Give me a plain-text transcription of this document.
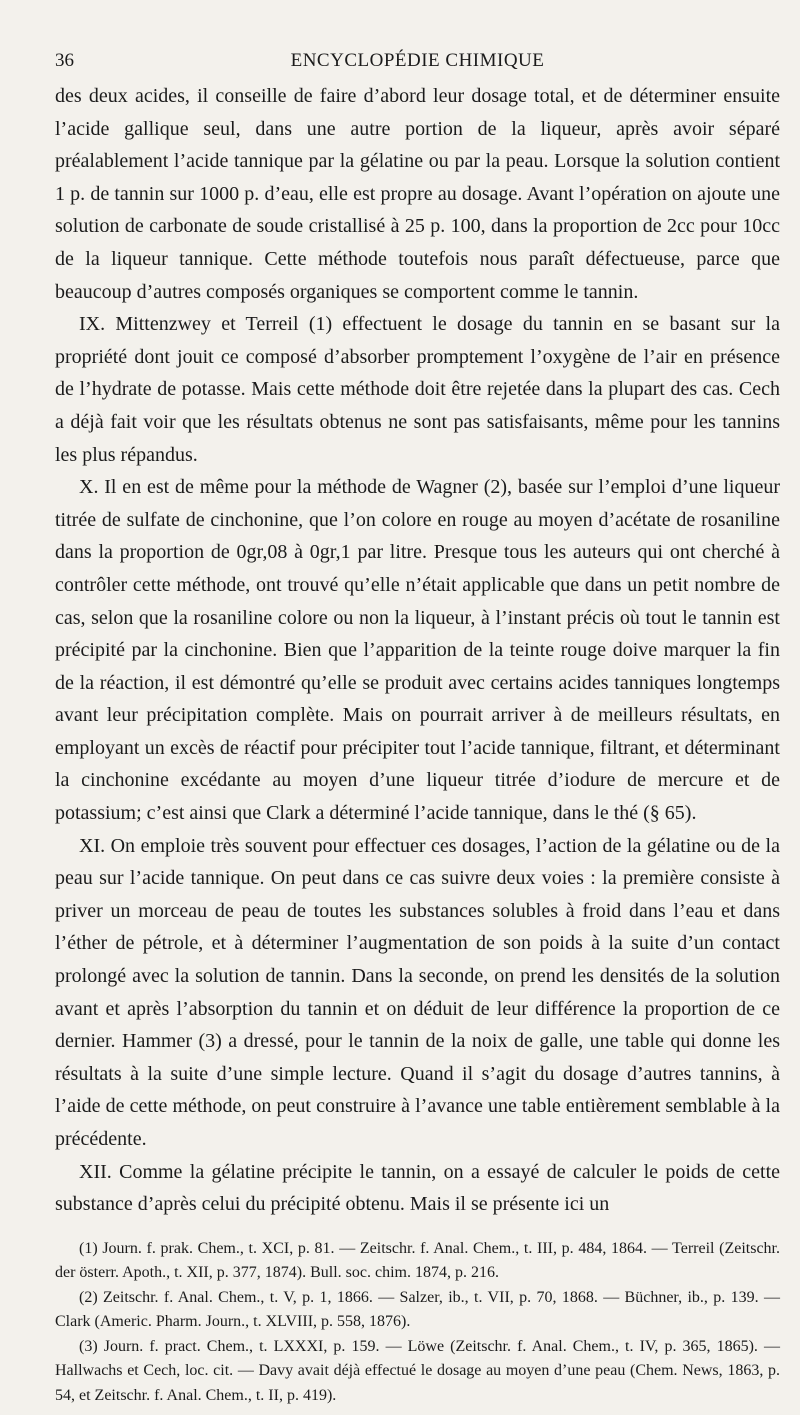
36	ENCYCLOPÉDIE CHIMIQUE

des deux acides, il conseille de faire d’abord leur dosage total, et de déterminer ensuite l’acide gallique seul, dans une autre portion de la liqueur, après avoir séparé préalablement l’acide tannique par la gélatine ou par la peau. Lorsque la solution contient 1 p. de tannin sur 1000 p. d’eau, elle est propre au dosage. Avant l’opération on ajoute une solution de carbonate de soude cristallisé à 25 p. 100, dans la proportion de 2cc pour 10cc de la liqueur tannique. Cette méthode toutefois nous paraît défectueuse, parce que beaucoup d’autres composés organiques se comportent comme le tannin.

IX. Mittenzwey et Terreil (1) effectuent le dosage du tannin en se basant sur la propriété dont jouit ce composé d’absorber promptement l’oxygène de l’air en présence de l’hydrate de potasse. Mais cette méthode doit être rejetée dans la plupart des cas. Cech a déjà fait voir que les résultats obtenus ne sont pas satisfaisants, même pour les tannins les plus répandus.

X. Il en est de même pour la méthode de Wagner (2), basée sur l’emploi d’une liqueur titrée de sulfate de cinchonine, que l’on colore en rouge au moyen d’acétate de rosaniline dans la proportion de 0gr,08 à 0gr,1 par litre. Presque tous les auteurs qui ont cherché à contrôler cette méthode, ont trouvé qu’elle n’était applicable que dans un petit nombre de cas, selon que la rosaniline colore ou non la liqueur, à l’instant précis où tout le tannin est précipité par la cinchonine. Bien que l’apparition de la teinte rouge doive marquer la fin de la réaction, il est démontré qu’elle se produit avec certains acides tanniques longtemps avant leur précipitation complète. Mais on pourrait arriver à de meilleurs résultats, en employant un excès de réactif pour précipiter tout l’acide tannique, filtrant, et déterminant la cinchonine excédante au moyen d’une liqueur titrée d’iodure de mercure et de potassium; c’est ainsi que Clark a déterminé l’acide tannique, dans le thé (§ 65).

XI. On emploie très souvent pour effectuer ces dosages, l’action de la gélatine ou de la peau sur l’acide tannique. On peut dans ce cas suivre deux voies : la première consiste à priver un morceau de peau de toutes les substances solubles à froid dans l’eau et dans l’éther de pétrole, et à déterminer l’augmentation de son poids à la suite d’un contact prolongé avec la solution de tannin. Dans la seconde, on prend les densités de la solution avant et après l’absorption du tannin et on déduit de leur différence la proportion de ce dernier. Hammer (3) a dressé, pour le tannin de la noix de galle, une table qui donne les résultats à la suite d’une simple lecture. Quand il s’agit du dosage d’autres tannins, à l’aide de cette méthode, on peut construire à l’avance une table entièrement semblable à la précédente.

XII. Comme la gélatine précipite le tannin, on a essayé de calculer le poids de cette substance d’après celui du précipité obtenu. Mais il se présente ici un

(1) Journ. f. prak. Chem., t. XCI, p. 81. — Zeitschr. f. Anal. Chem., t. III, p. 484, 1864. — Terreil (Zeitschr. der österr. Apoth., t. XII, p. 377, 1874). Bull. soc. chim. 1874, p. 216.

(2) Zeitschr. f. Anal. Chem., t. V, p. 1, 1866. — Salzer, ib., t. VII, p. 70, 1868. — Büchner, ib., p. 139. — Clark (Americ. Pharm. Journ., t. XLVIII, p. 558, 1876).

(3) Journ. f. pract. Chem., t. LXXXI, p. 159. — Löwe (Zeitschr. f. Anal. Chem., t. IV, p. 365, 1865). — Hallwachs et Cech, loc. cit. — Davy avait déjà effectué le dosage au moyen d’une peau (Chem. News, 1863, p. 54, et Zeitschr. f. Anal. Chem., t. II, p. 419).
